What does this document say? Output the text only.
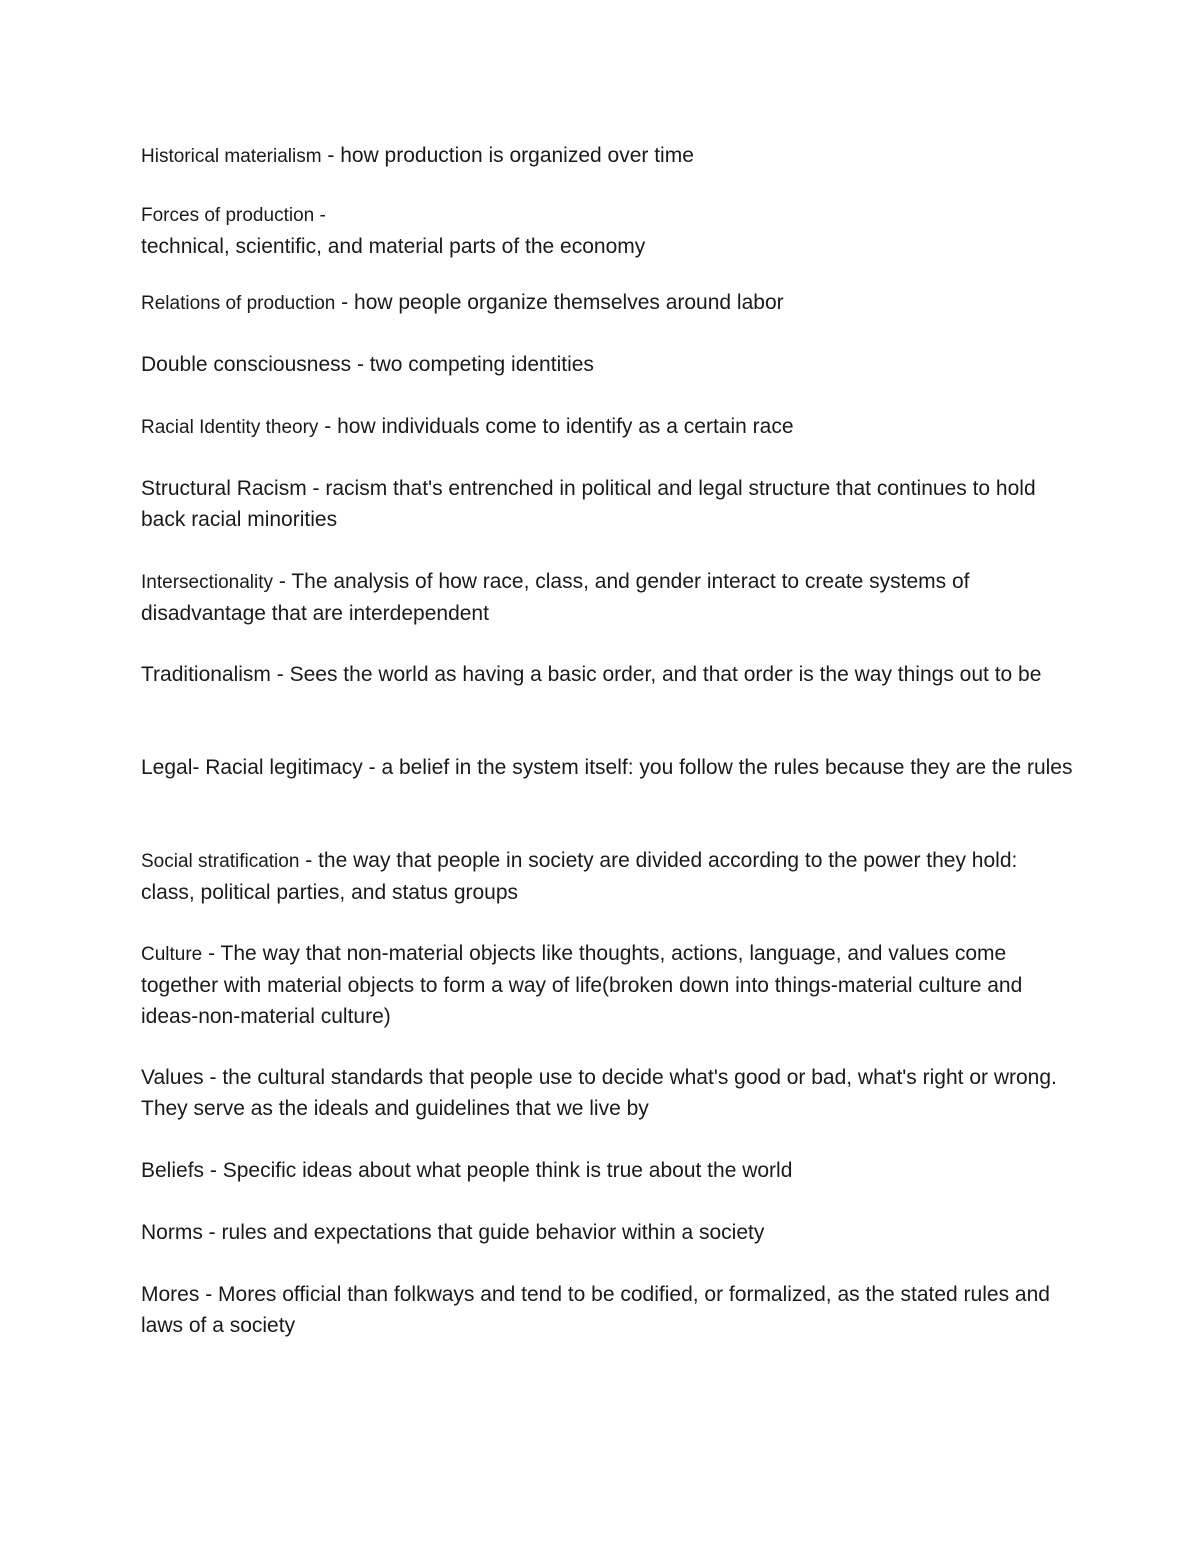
Historical materialism - how production is organized over time
Forces of production -
technical, scientific, and material parts of the economy
Relations of production - how people organize themselves around labor
Double consciousness - two competing identities
Racial Identity theory - how individuals come to identify as a certain race
Structural Racism - racism that's entrenched in political and legal structure that continues to hold back racial minorities
Intersectionality - The analysis of how race, class, and gender interact to create systems of disadvantage that are interdependent
Traditionalism - Sees the world as having a basic order, and that order is the way things out to be
Legal- Racial legitimacy - a belief in the system itself: you follow the rules because they are the rules
Social stratification - the way that people in society are divided according to the power they hold: class, political parties, and status groups
Culture - The way that non-material objects like thoughts, actions, language, and values come together with material objects to form a way of life(broken down into things-material culture and ideas-non-material culture)
Values - the cultural standards that people use to decide what's good or bad, what's right or wrong. They serve as the ideals and guidelines that we live by
Beliefs - Specific ideas about what people think is true about the world
Norms - rules and expectations that guide behavior within a society
Mores - Mores official than folkways and tend to be codified, or formalized, as the stated rules and laws of a society
